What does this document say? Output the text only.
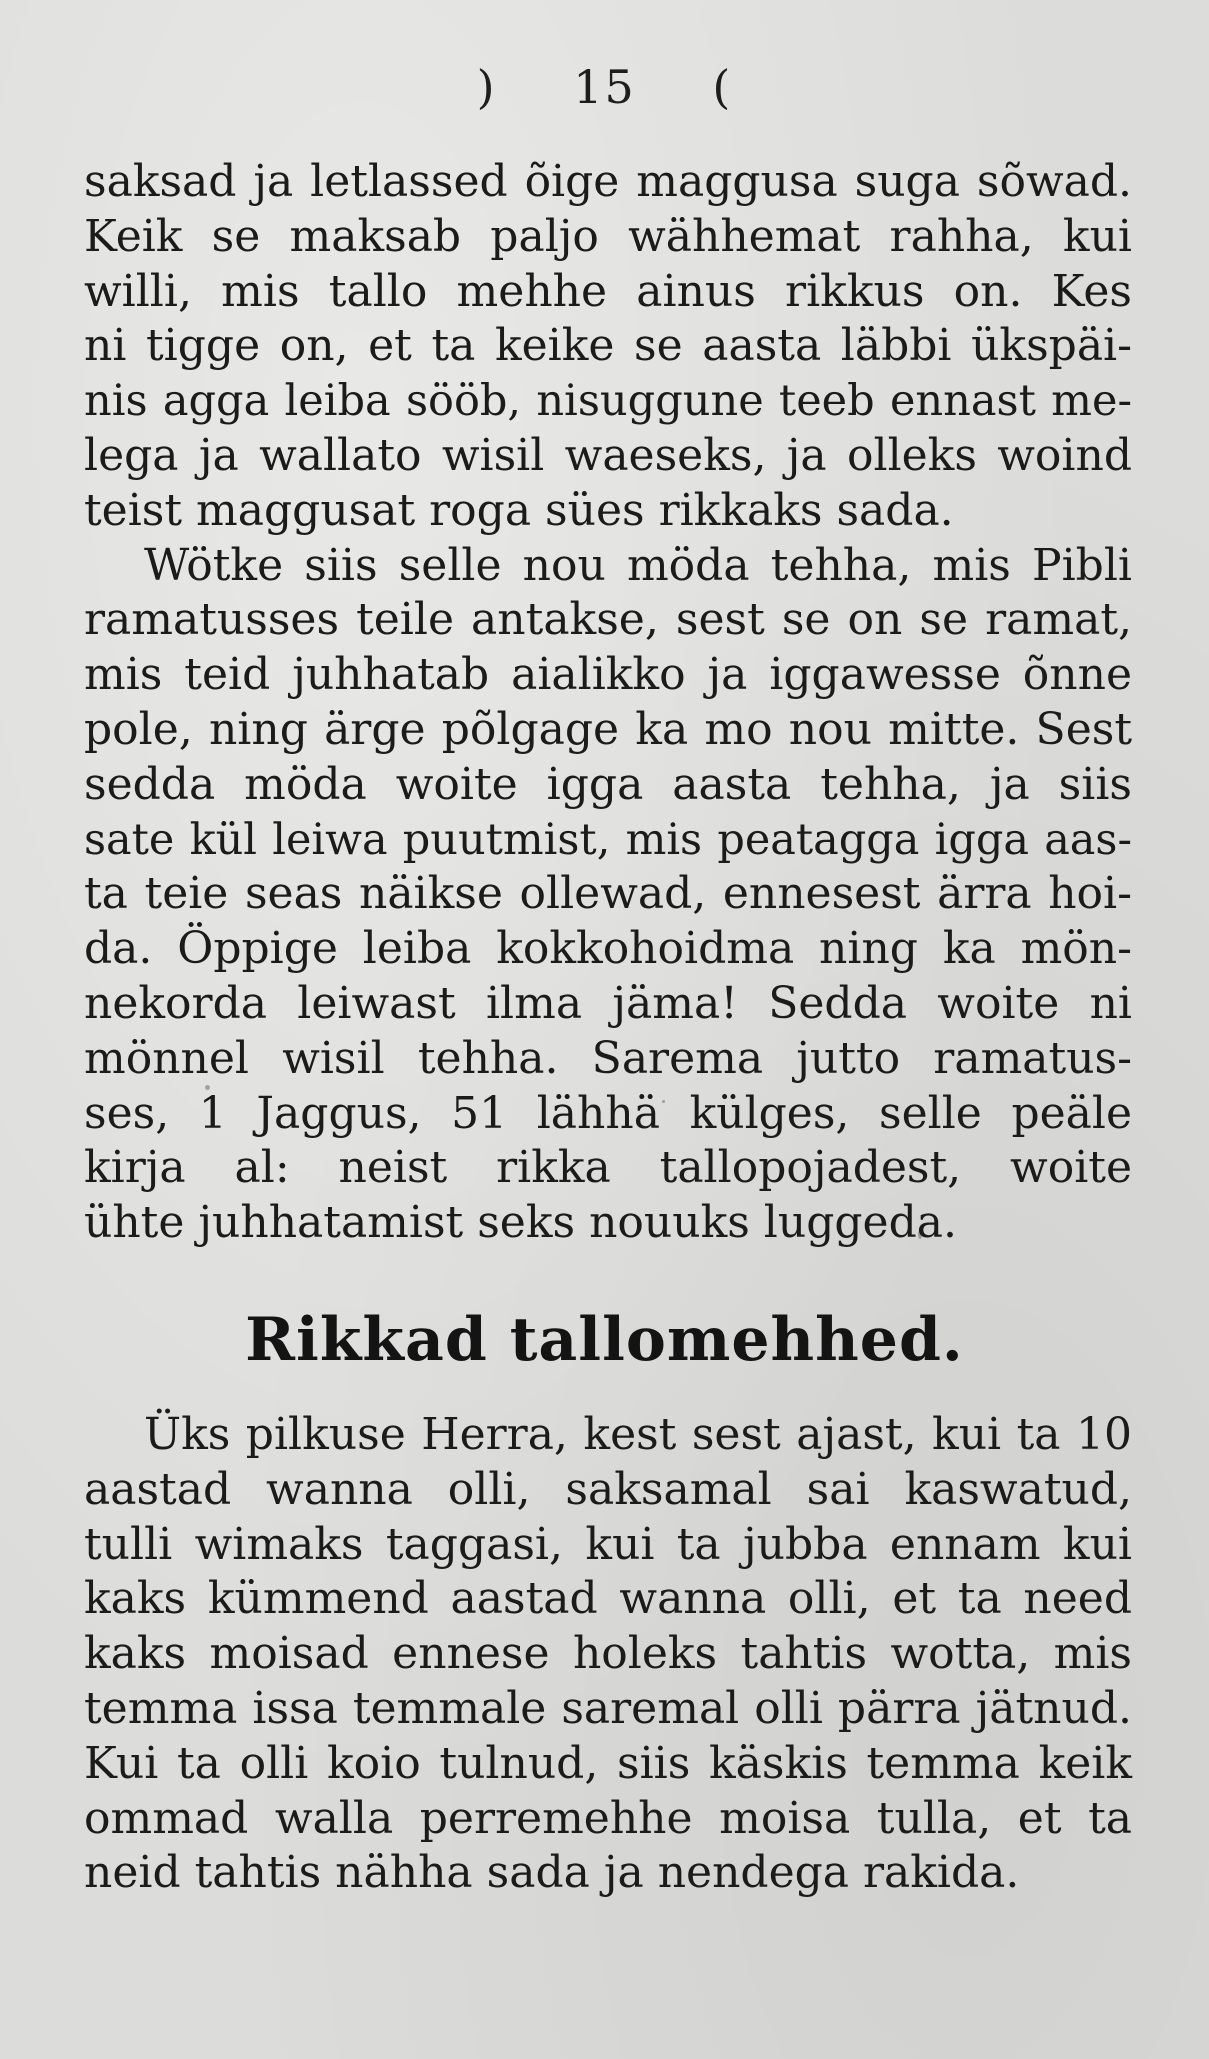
) 15 (
saksad ja letlassed õige maggusa suga sõwad.
Keik se maksab paljo wähhemat rahha, kui
willi, mis tallo mehhe ainus rikkus on. Kes
ni tigge on, et ta keike se aasta läbbi ükspäi-
nis agga leiba sööb, nisuggune teeb ennast me-
lega ja wallato wisil waeseks, ja olleks woind
teist maggusat roga sües rikkaks sada.
Wötke siis selle nou möda tehha, mis Pibli
ramatusses teile antakse, sest se on se ramat,
mis teid juhhatab aialikko ja iggawesse õnne
pole, ning ärge põlgage ka mo nou mitte. Sest
sedda möda woite igga aasta tehha, ja siis
sate kül leiwa puutmist, mis peatagga igga aas-
ta teie seas näikse ollewad, ennesest ärra hoi-
da. Öppige leiba kokkohoidma ning ka mön-
nekorda leiwast ilma jäma! Sedda woite ni
mönnel wisil tehha. Sarema jutto ramatus-
ses, 1 Jaggus, 51 lähhä külges, selle peäle
kirja al: neist rikka tallopojadest, woite
ühte juhhatamist seks nouuks luggeda.
Rikkad tallomehhed.
Üks pilkuse Herra, kest sest ajast, kui ta 10
aastad wanna olli, saksamal sai kaswatud,
tulli wimaks taggasi, kui ta jubba ennam kui
kaks kümmend aastad wanna olli, et ta need
kaks moisad ennese holeks tahtis wotta, mis
temma issa temmale saremal olli pärra jätnud.
Kui ta olli koio tulnud, siis käskis temma keik
ommad walla perremehhe moisa tulla, et ta
neid tahtis nähha sada ja nendega rakida.
